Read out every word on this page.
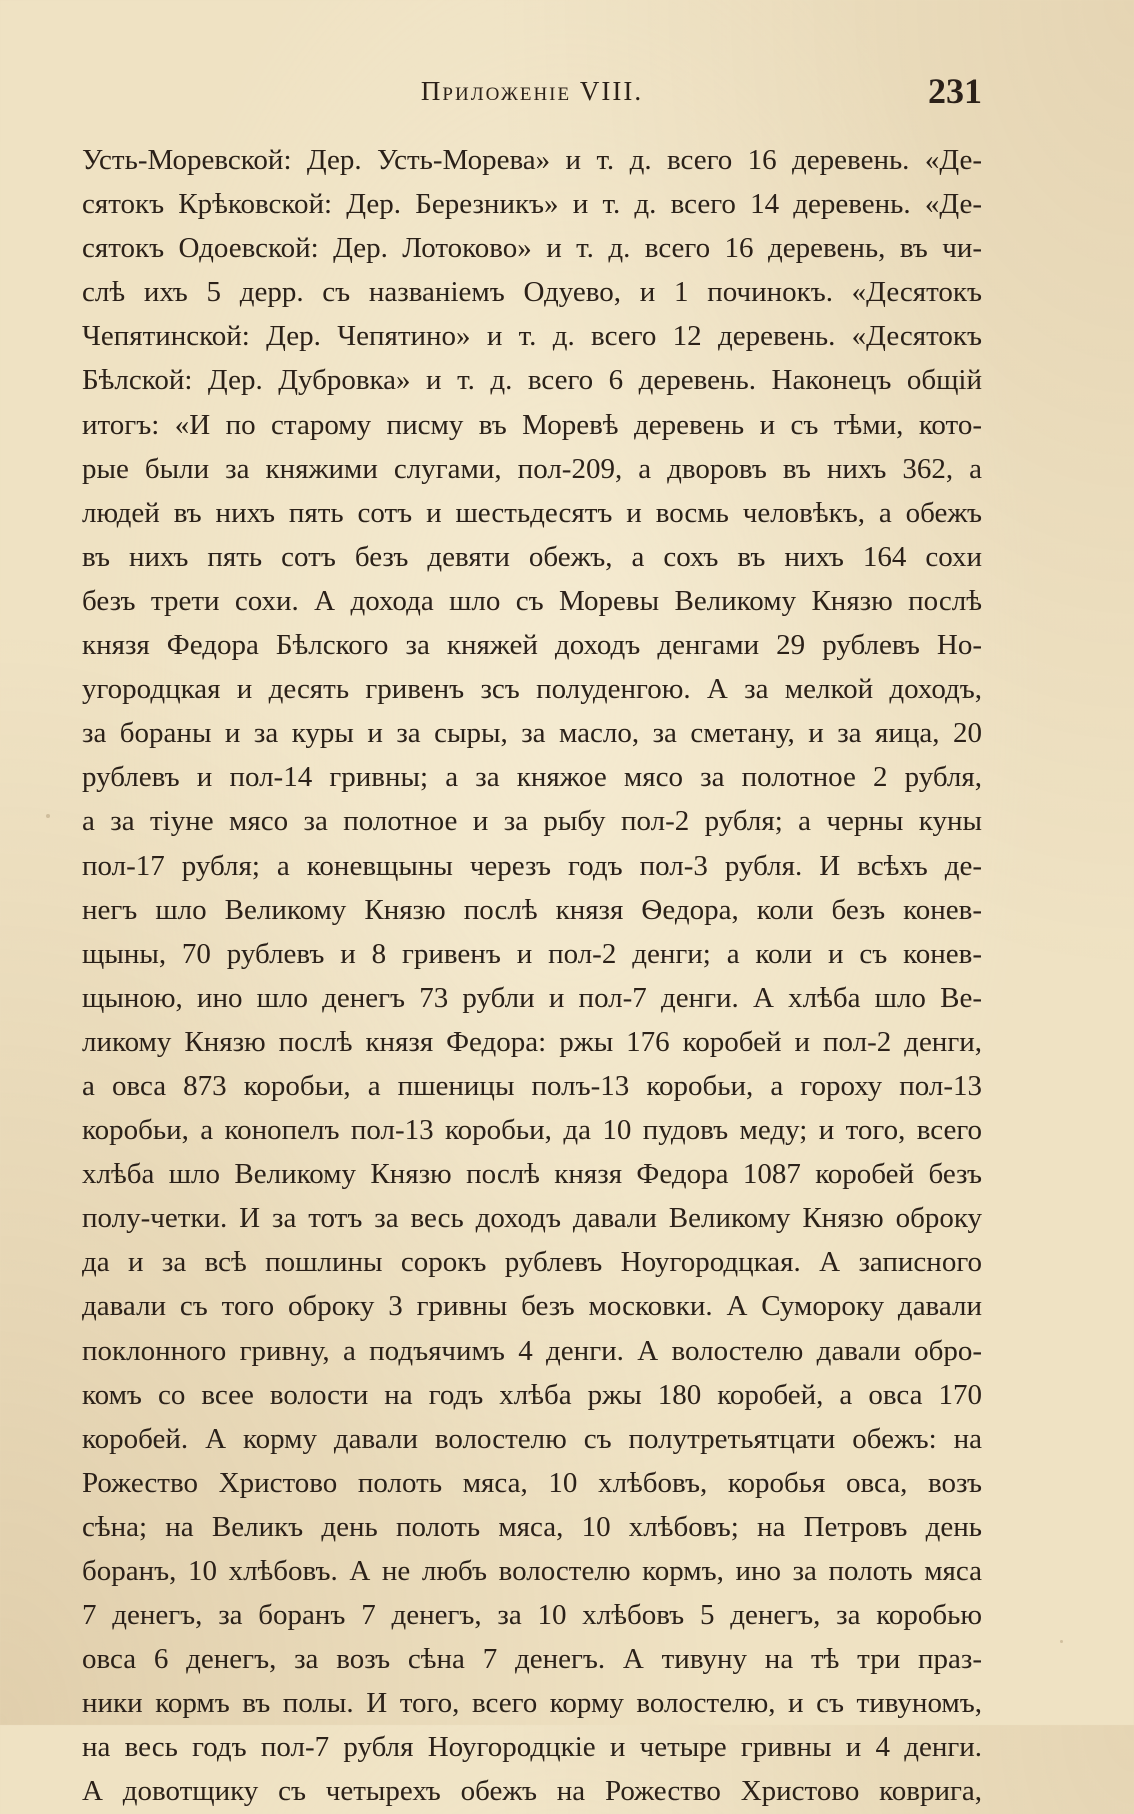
Приложеніе VIII.	231
Усть-Моревской: Дер. Усть-Морева» и т. д. всего 16 деревень. «Де-
сятокъ Крѣковской: Дер. Березникъ» и т. д. всего 14 деревень. «Де-
сятокъ Одоевской: Дер. Лотоково» и т. д. всего 16 деревень, въ чи-
слѣ ихъ 5 дерр. съ названіемъ Одуево, и 1 починокъ. «Десятокъ
Чепятинской: Дер. Чепятино» и т. д. всего 12 деревень. «Десятокъ
Бѣлской: Дер. Дубровка» и т. д. всего 6 деревень. Наконецъ общій
итогъ: «И по старому писму въ Моревѣ деревень и съ тѣми, кото-
рые были за княжими слугами, пол-209, а дворовъ въ нихъ 362, а
людей въ нихъ пять сотъ и шестьдесятъ и восмь человѣкъ, а обежъ
въ нихъ пять сотъ безъ девяти обежъ, а сохъ въ нихъ 164 сохи
безъ трети сохи. А дохода шло съ Моревы Великому Князю послѣ
князя Федора Бѣлского за княжей доходъ денгами 29 рублевъ Но-
угородцкая и десять гривенъ зсъ полуденгою. А за мелкой доходъ,
за бораны и за куры и за сыры, за масло, за сметану, и за яица, 20
рублевъ и пол-14 гривны; а за княжое мясо за полотное 2 рубля,
а за тіуне мясо за полотное и за рыбу пол-2 рубля; а черны куны
пол-17 рубля; а коневщыны черезъ годъ пол-3 рубля. И всѣхъ де-
негъ шло Великому Князю послѣ князя Ѳедора, коли безъ конев-
щыны, 70 рублевъ и 8 гривенъ и пол-2 денги; а коли и съ конев-
щыною, ино шло денегъ 73 рубли и пол-7 денги. А хлѣба шло Ве-
ликому Князю послѣ князя Федора: ржы 176 коробей и пол-2 денги,
а овса 873 коробьи, а пшеницы полъ-13 коробьи, а гороху пол-13
коробьи, а конопелъ пол-13 коробьи, да 10 пудовъ меду; и того, всего
хлѣба шло Великому Князю послѣ князя Федора 1087 коробей безъ
полу-четки. И за тотъ за весь доходъ давали Великому Князю оброку
да и за всѣ пошлины сорокъ рублевъ Ноугородцкая. А записного
давали съ того оброку 3 гривны безъ московки. А Сумороку давали
поклонного гривну, а подъячимъ 4 денги. А волостелю давали обро-
комъ со всее волости на годъ хлѣба ржы 180 коробей, а овса 170
коробей. А корму давали волостелю съ полутретьятцати обежъ: на
Рожество Христово полоть мяса, 10 хлѣбовъ, коробья овса, возъ
сѣна; на Великъ день полоть мяса, 10 хлѣбовъ; на Петровъ день
боранъ, 10 хлѣбовъ. А не любъ волостелю кормъ, ино за полоть мяса
7 денегъ, за боранъ 7 денегъ, за 10 хлѣбовъ 5 денегъ, за коробью
овса 6 денегъ, за возъ сѣна 7 денегъ. А тивуну на тѣ три праз-
ники кормъ въ полы. И того, всего корму волостелю, и съ тивуномъ,
на весь годъ пол-7 рубля Ноугородцкіе и четыре гривны и 4 денги.
А довотщику съ четырехъ обежъ на Рожество Христово коврига,
